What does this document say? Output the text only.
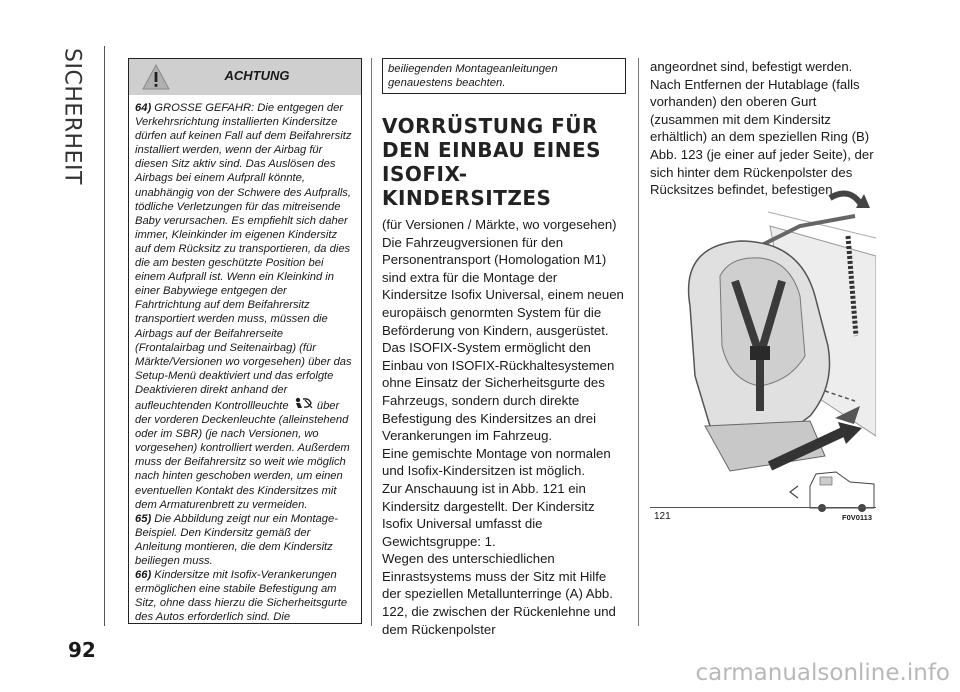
SICHERHEIT
92
ACHTUNG

64) GROSSE GEFAHR: Die entgegen der Verkehrsrichtung installierten Kindersitze dürfen auf keinen Fall auf dem Beifahrersitz installiert werden, wenn der Airbag für diesen Sitz aktiv sind. Das Auslösen des Airbags bei einem Aufprall könnte, unabhängig von der Schwere des Aufpralls, tödliche Verletzungen für das mitreisende Baby verursachen. Es empfiehlt sich daher immer, Kleinkinder im eigenen Kindersitz auf dem Rücksitz zu transportieren, da dies die am besten geschützte Position bei einem Aufprall ist. Wenn ein Kleinkind in einer Babywiege entgegen der Fahrtrichtung auf dem Beifahrersitz transportiert werden muss, müssen die Airbags auf der Beifahrerseite (Frontalairbag und Seitenairbag) (für Märkte/Versionen wo vorgesehen) über das Setup-Menü deaktiviert und das erfolgte Deaktivieren direkt anhand der aufleuchtenden Kontrollleuchte	über der vorderen Deckenleuchte (alleinstehend oder im SBR) (je nach Versionen, wo vorgesehen) kontrolliert werden. Außerdem muss der Beifahrersitz so weit wie möglich nach hinten geschoben werden, um einen eventuellen Kontakt des Kindersitzes mit dem Armaturenbrett zu vermeiden.

65) Die Abbildung zeigt nur ein Montage-Beispiel. Den Kindersitz gemäß der Anleitung montieren, die dem Kindersitz beiliegen muss.

66) Kindersitze mit Isofix-Verankerungen ermöglichen eine stabile Befestigung am Sitz, ohne dass hierzu die Sicherheitsgurte des Autos erforderlich sind. Die

beiliegenden Montageanleitungen genauestens beachten.
VORRÜSTUNG FÜR DEN EINBAU EINES ISOFIX-KINDERSITZES

(für Versionen / Märkte, wo vorgesehen)

Die Fahrzeugversionen für den Personentransport (Homologation M1) sind extra für die Montage der Kindersitze Isofix Universal, einem neuen europäisch genormten System für die Beförderung von Kindern, ausgerüstet.

Das ISOFIX-System ermöglicht den Einbau von ISOFIX-Rückhaltesystemen ohne Einsatz der Sicherheitsgurte des Fahrzeugs, sondern durch direkte Befestigung des Kindersitzes an drei Verankerungen im Fahrzeug.

Eine gemischte Montage von normalen und Isofix-Kindersitzen ist möglich.

Zur Anschauung ist in Abb. 121 ein Kindersitz dargestellt. Der Kindersitz Isofix Universal umfasst die Gewichtsgruppe: 1.

Wegen des unterschiedlichen Einrastsystems muss der Sitz mit Hilfe der speziellen Metallunterringe (A) Abb. 122, die zwischen der Rückenlehne und dem Rückenpolster

angeordnet sind, befestigt werden. Nach Entfernen der Hutablage (falls vorhanden) den oberen Gurt (zusammen mit dem Kindersitz erhältlich) an dem speziellen Ring (B) Abb. 123 (je einer auf jeder Seite), der sich hinter dem Rückenpolster des Rücksitzes befindet, befestigen.

121	F0V0113
carmanualsonline.info
